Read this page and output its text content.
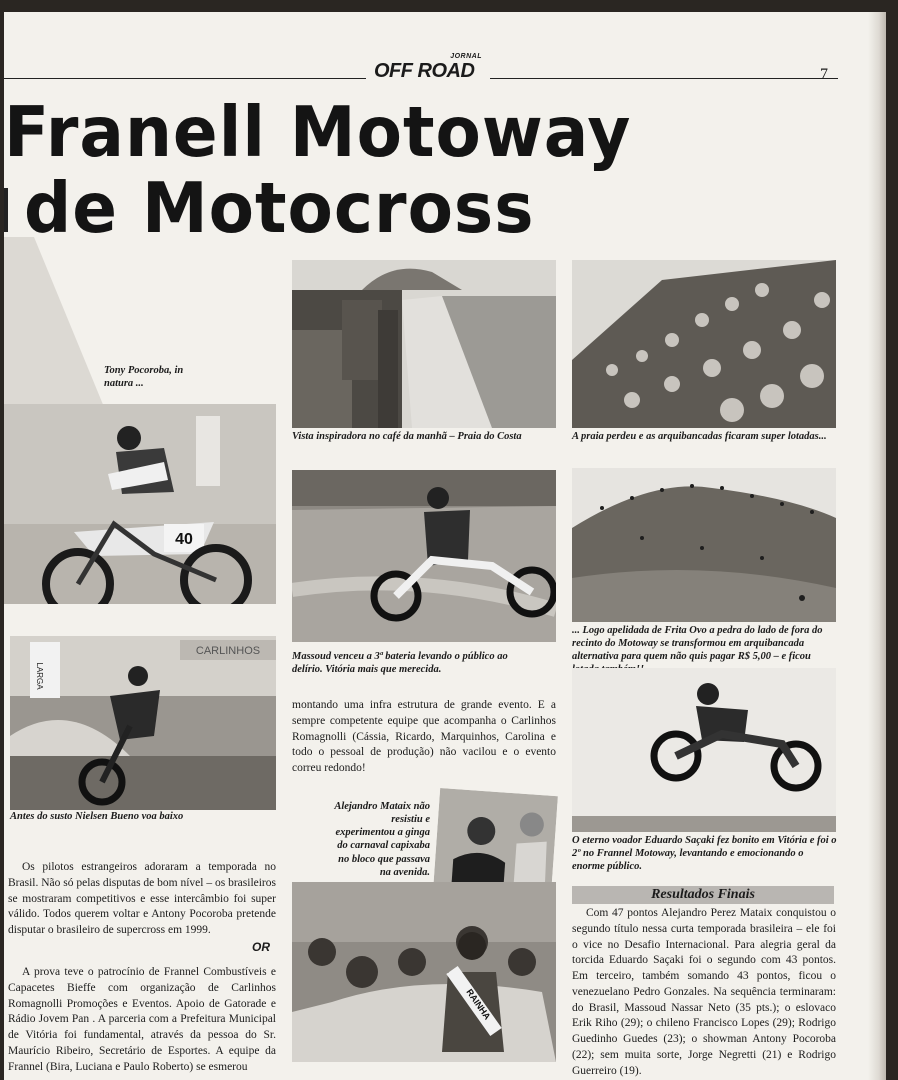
JORNAL
OFF ROAD	7
Franell Motoway
de Motocross
Tony Pocoroba, in natura ...
40
LARGA
CARLINHOS
Antes do susto Nielsen Bueno voa baixo
Vista inspiradora no café da manhã – Praia do Costa
Massoud venceu a 3ª bateria levando o público ao delírio. Vitória mais que merecida.
A praia perdeu e as arquibancadas ficaram super lotadas...
... Logo apelidada de Frita Ovo a pedra do lado de fora do recinto do Motoway se transformou em arquibancada alternativa para quem não quis pagar R$ 5,00 – e ficou
O eterno voador Eduardo Saçaki fez bonito em Vitória e foi o 2º no Frannel Motoway, levantando e emocionando o enorme público.
Alejandro Mataix não resistiu e experimentou a ginga do carnaval capixaba no bloco que passava na avenida.
RAINHA

Os pilotos estrangeiros adoraram a temporada no Brasil. Não só pelas disputas de bom nível – os brasileiros se mostraram competitivos e esse intercâmbio foi super válido. Todos querem voltar e Antony Pocoroba pretende disputar o brasileiro de supercross em 1999.

OR

A prova teve o patrocínio de Frannel Combustíveis e Capacetes Bieffe com organização de Carlinhos Romagnolli Promoções e Eventos. Apoio de Gatorade e Rádio Jovem Pan . A parceria com a Prefeitura Municipal de Vitória foi fundamental, através da pessoa do Sr. Maurício Ribeiro, Secretário de Esportes. A equipe da Frannel (Bira, Luciana e Paulo Roberto) se esmerou

montando uma infra estrutura de grande evento. E a sempre competente equipe que acompanha o Carlinhos Romagnolli (Cássia, Ricardo, Marquinhos, Carolina e todo o pessoal de produção) não vacilou e o evento correu redondo!

Resultados Finais
Com 47 pontos Alejandro Perez Mataix conquistou o segundo título nessa curta temporada brasileira – ele foi o vice no Desafio Internacional. Para alegria geral da torcida Eduardo Saçaki foi o segundo com 43 pontos. Em terceiro, também somando 43 pontos, ficou o venezuelano Pedro Gonzales. Na sequência terminaram: do Brasil, Massoud Nassar Neto (35 pts.); o eslovaco Erik Riho (29); o chileno Francisco Lopes (29); Rodrigo Guedinho Guedes (23); o showman Antony Pocoroba (22); sem muita sorte, Jorge Negretti (21) e Rodrigo Guerreiro (19).
